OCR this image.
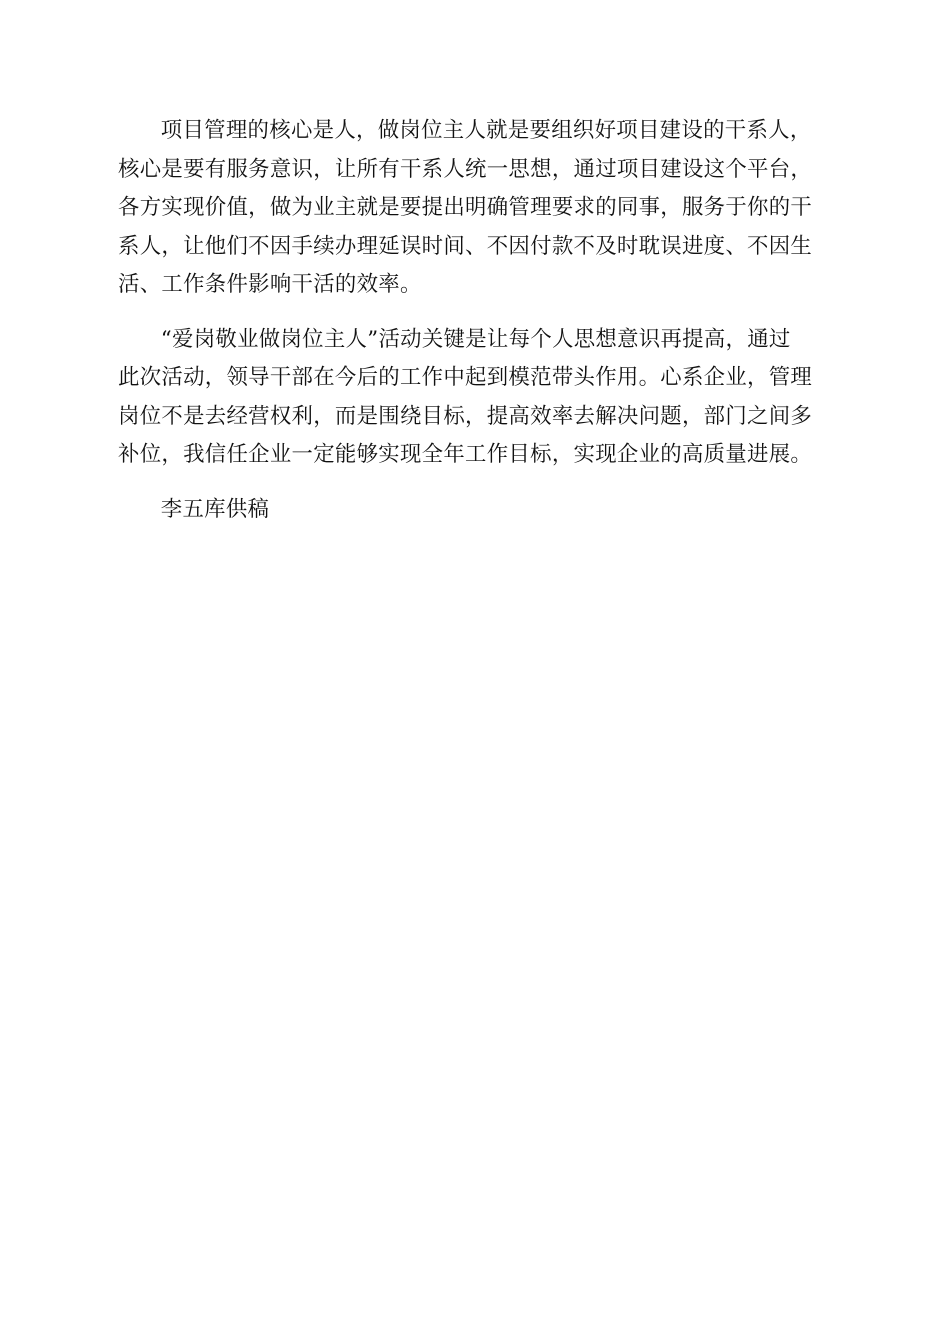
项目管理的核心是人，做岗位主人就是要组织好项目建设的干系人，
核心是要有服务意识，让所有干系人统一思想，通过项目建设这个平台，
各方实现价值，做为业主就是要提出明确管理要求的同事，服务于你的干
系人，让他们不因手续办理延误时间、不因付款不及时耽误进度、不因生
活、工作条件影响干活的效率。

“爱岗敬业做岗位主人”活动关键是让每个人思想意识再提高，通过
此次活动，领导干部在今后的工作中起到模范带头作用。心系企业，管理
岗位不是去经营权利，而是围绕目标，提高效率去解决问题，部门之间多
补位，我信任企业一定能够实现全年工作目标，实现企业的高质量进展。

李五库供稿
